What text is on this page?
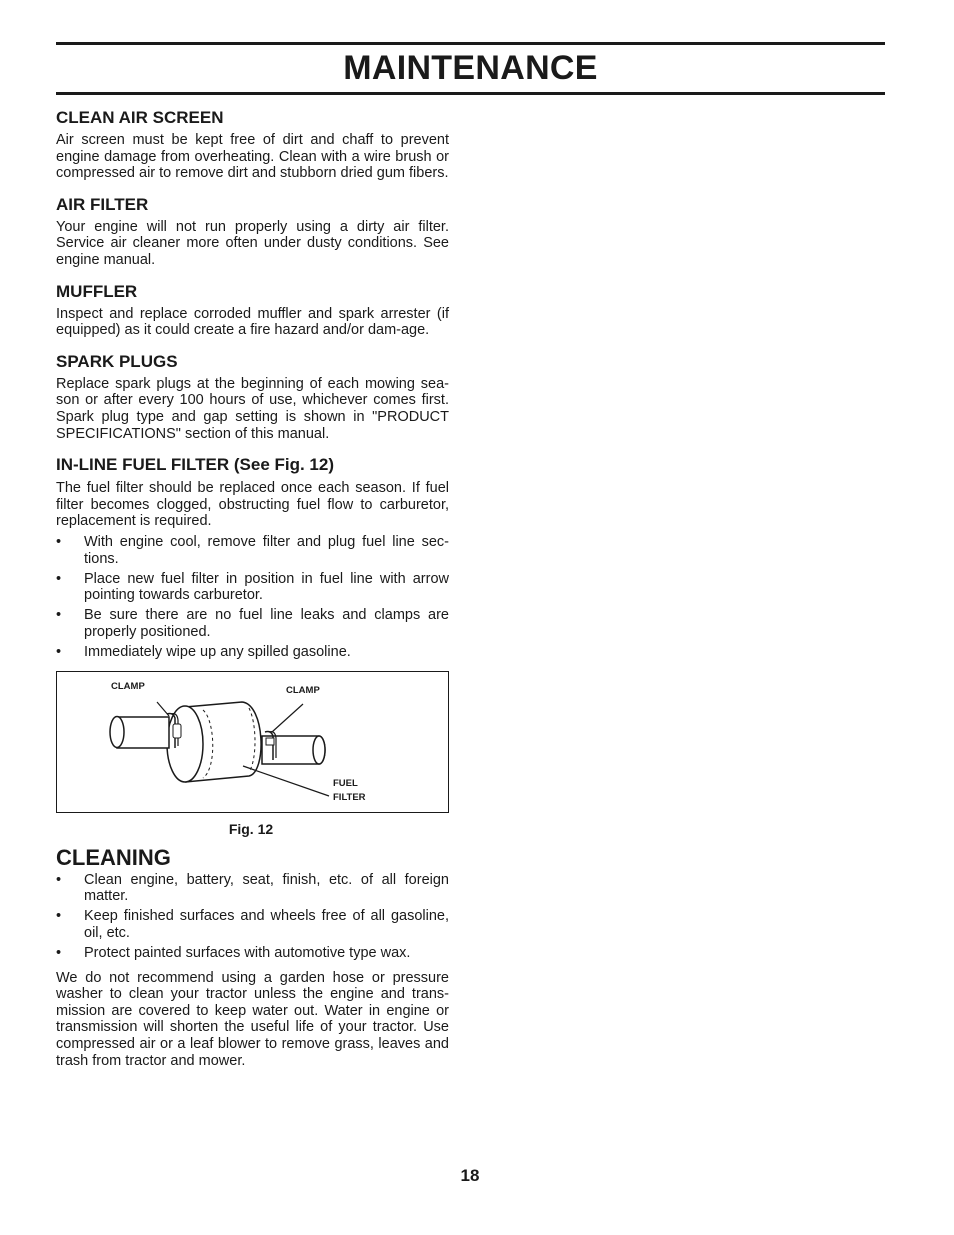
MAINTENANCE
CLEAN AIR SCREEN

Air screen must be kept free of dirt and chaff to prevent engine damage from overheating. Clean with a wire brush or compressed air to remove dirt and stubborn dried gum fibers.

AIR FILTER

Your engine will not run properly using a dirty air filter. Service air cleaner more often under dusty conditions. See engine manual.

MUFFLER

Inspect and replace corroded muffler and spark arrester (if equipped) as it could create a fire hazard and/or dam-age.

SPARK PLUGS

Replace spark plugs at the beginning of each mowing sea-son or after every 100 hours of use, whichever comes first. Spark plug type and gap setting is shown in "PRODUCT SPECIFICATIONS" section of this manual.

IN-LINE FUEL FILTER (See Fig. 12)

The fuel filter should be replaced once each season. If fuel filter becomes clogged, obstructing fuel flow to carburetor, replacement is required.

• With engine cool, remove filter and plug fuel line sec-tions.
• Place new fuel filter in position in fuel line with arrow pointing towards carburetor.
• Be sure there are no fuel line leaks and clamps are properly positioned.
• Immediately wipe up any spilled gasoline.
CLAMP	CLAMP
FUEL
FILTER
Fig. 12
CLEANING
• Clean engine, battery, seat, finish, etc. of all foreign matter.
• Keep finished surfaces and wheels free of all gasoline, oil, etc.
• Protect painted surfaces with automotive type wax.

We do not recommend using a garden hose or pressure washer to clean your tractor unless the engine and trans-mission are covered to keep water out. Water in engine or transmission will shorten the useful life of your tractor. Use compressed air or a leaf blower to remove grass, leaves and trash from tractor and mower.

18
